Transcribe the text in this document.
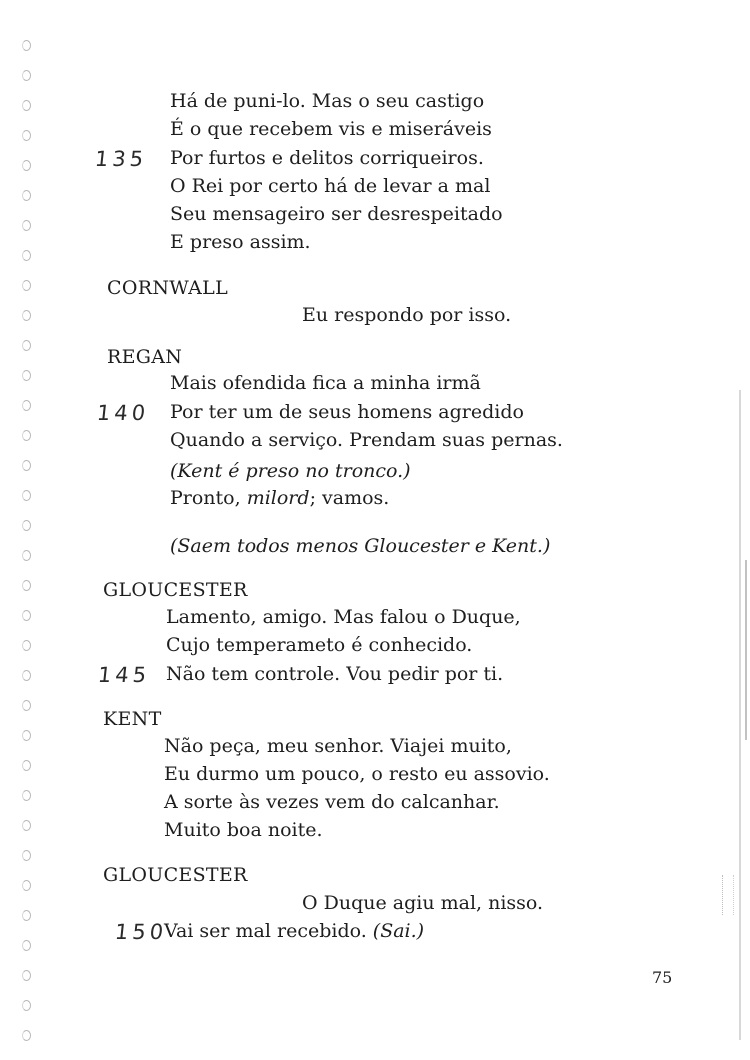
Há de puni-lo. Mas o seu castigo
É o que recebem vis e miseráveis
135 Por furtos e delitos corriqueiros.
O Rei por certo há de levar a mal
Seu mensageiro ser desrespeitado
E preso assim.
CORNWALL
Eu respondo por isso.
REGAN
Mais ofendida fica a minha irmã
140 Por ter um de seus homens agredido
Quando a serviço. Prendam suas pernas.
(Kent é preso no tronco.)
Pronto, milord; vamos.
(Saem todos menos Gloucester e Kent.)
GLOUCESTER
Lamento, amigo. Mas falou o Duque,
Cujo temperameto é conhecido.
145 Não tem controle. Vou pedir por ti.
KENT
Não peça, meu senhor. Viajei muito,
Eu durmo um pouco, o resto eu assovio.
A sorte às vezes vem do calcanhar.
Muito boa noite.
GLOUCESTER
O Duque agiu mal, nisso.
150
Vai ser mal recebido. (Sai.)
75
